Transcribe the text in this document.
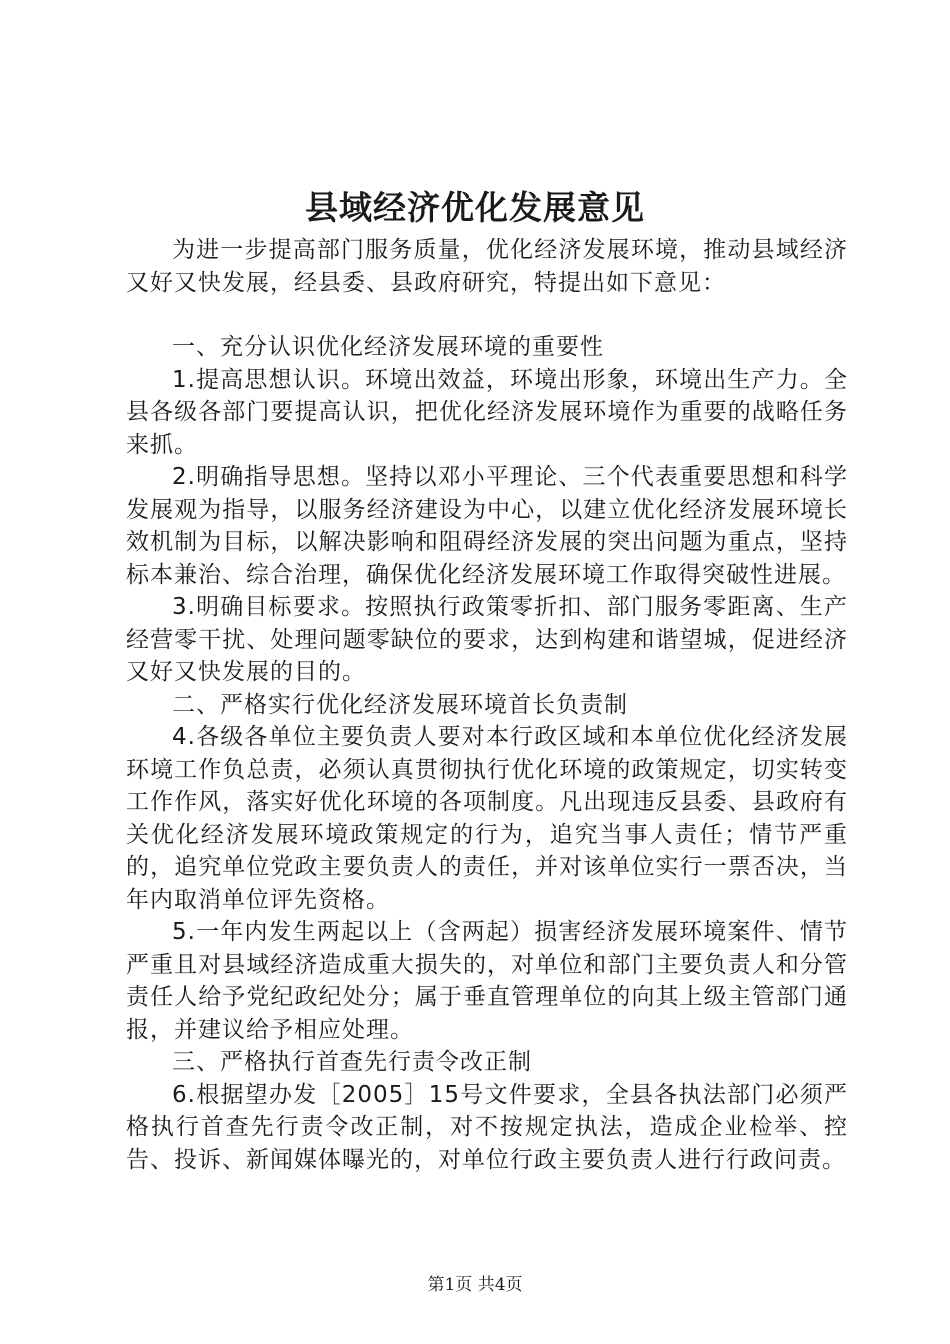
县域经济优化发展意见

为进一步提高部门服务质量，优化经济发展环境，推动县域经济又好又快发展，经县委、县政府研究，特提出如下意见：

一、充分认识优化经济发展环境的重要性

1.提高思想认识。环境出效益，环境出形象，环境出生产力。全县各级各部门要提高认识，把优化经济发展环境作为重要的战略任务来抓。

2.明确指导思想。坚持以邓小平理论、三个代表重要思想和科学发展观为指导，以服务经济建设为中心，以建立优化经济发展环境长效机制为目标，以解决影响和阻碍经济发展的突出问题为重点，坚持标本兼治、综合治理，确保优化经济发展环境工作取得突破性进展。

3.明确目标要求。按照执行政策零折扣、部门服务零距离、生产经营零干扰、处理问题零缺位的要求，达到构建和谐望城，促进经济又好又快发展的目的。

二、严格实行优化经济发展环境首长负责制

4.各级各单位主要负责人要对本行政区域和本单位优化经济发展环境工作负总责，必须认真贯彻执行优化环境的政策规定，切实转变工作作风，落实好优化环境的各项制度。凡出现违反县委、县政府有关优化经济发展环境政策规定的行为，追究当事人责任；情节严重的，追究单位党政主要负责人的责任，并对该单位实行一票否决，当年内取消单位评先资格。

5.一年内发生两起以上（含两起）损害经济发展环境案件、情节严重且对县域经济造成重大损失的，对单位和部门主要负责人和分管责任人给予党纪政纪处分；属于垂直管理单位的向其上级主管部门通报，并建议给予相应处理。

三、严格执行首查先行责令改正制

6.根据望办发［2005］15号文件要求，全县各执法部门必须严格执行首查先行责令改正制，对不按规定执法，造成企业检举、控告、投诉、新闻媒体曝光的，对单位行政主要负责人进行行政问责。

第1页 共4页
